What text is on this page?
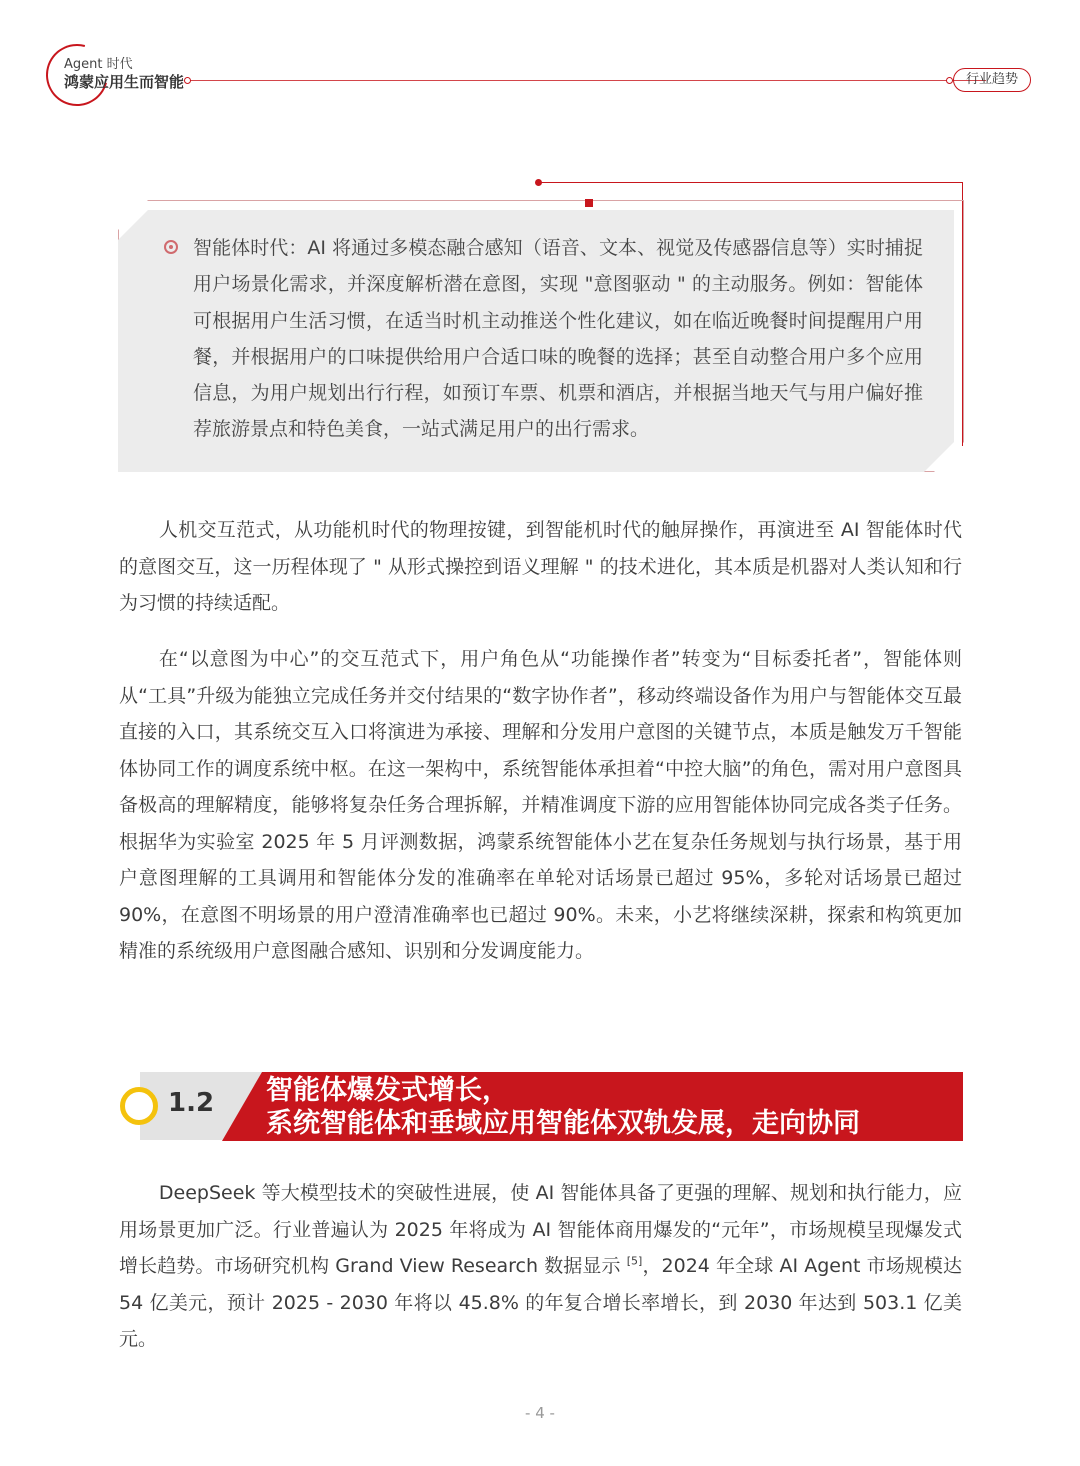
Agent 时代
鸿蒙应用生而智能	行业趋势
智能体时代：AI 将通过多模态融合感知（语音、文本、视觉及传感器信息等）实时捕捉用户场景化需求，并深度解析潜在意图，实现 "意图驱动 " 的主动服务。例如：智能体可根据用户生活习惯，在适当时机主动推送个性化建议，如在临近晚餐时间提醒用户用餐，并根据用户的口味提供给用户合适口味的晚餐的选择；甚至自动整合用户多个应用信息，为用户规划出行行程，如预订车票、机票和酒店，并根据当地天气与用户偏好推荐旅游景点和特色美食，一站式满足用户的出行需求。

人机交互范式，从功能机时代的物理按键，到智能机时代的触屏操作，再演进至 AI 智能体时代的意图交互，这一历程体现了 " 从形式操控到语义理解 " 的技术进化，其本质是机器对人类认知和行为习惯的持续适配。

在“以意图为中心”的交互范式下，用户角色从“功能操作者”转变为“目标委托者”，智能体则从“工具”升级为能独立完成任务并交付结果的“数字协作者”，移动终端设备作为用户与智能体交互最直接的入口，其系统交互入口将演进为承接、理解和分发用户意图的关键节点，本质是触发万千智能体协同工作的调度系统中枢。在这一架构中，系统智能体承担着“中控大脑”的角色，需对用户意图具备极高的理解精度，能够将复杂任务合理拆解，并精准调度下游的应用智能体协同完成各类子任务。根据华为实验室 2025 年 5 月评测数据，鸿蒙系统智能体小艺在复杂任务规划与执行场景，基于用户意图理解的工具调用和智能体分发的准确率在单轮对话场景已超过 95%，多轮对话场景已超过 90%，在意图不明场景的用户澄清准确率也已超过 90%。未来，小艺将继续深耕，探索和构筑更加精准的系统级用户意图融合感知、识别和分发调度能力。

1.2 智能体爆发式增长，
系统智能体和垂域应用智能体双轨发展，走向协同

DeepSeek 等大模型技术的突破性进展，使 AI 智能体具备了更强的理解、规划和执行能力，应用场景更加广泛。行业普遍认为 2025 年将成为 AI 智能体商用爆发的“元年”，市场规模呈现爆发式增长趋势。市场研究机构 Grand View Research 数据显示 [5]，2024 年全球 AI Agent 市场规模达 54 亿美元，预计 2025 - 2030 年将以 45.8% 的年复合增长率增长，到 2030 年达到 503.1 亿美元。

- 4 -
